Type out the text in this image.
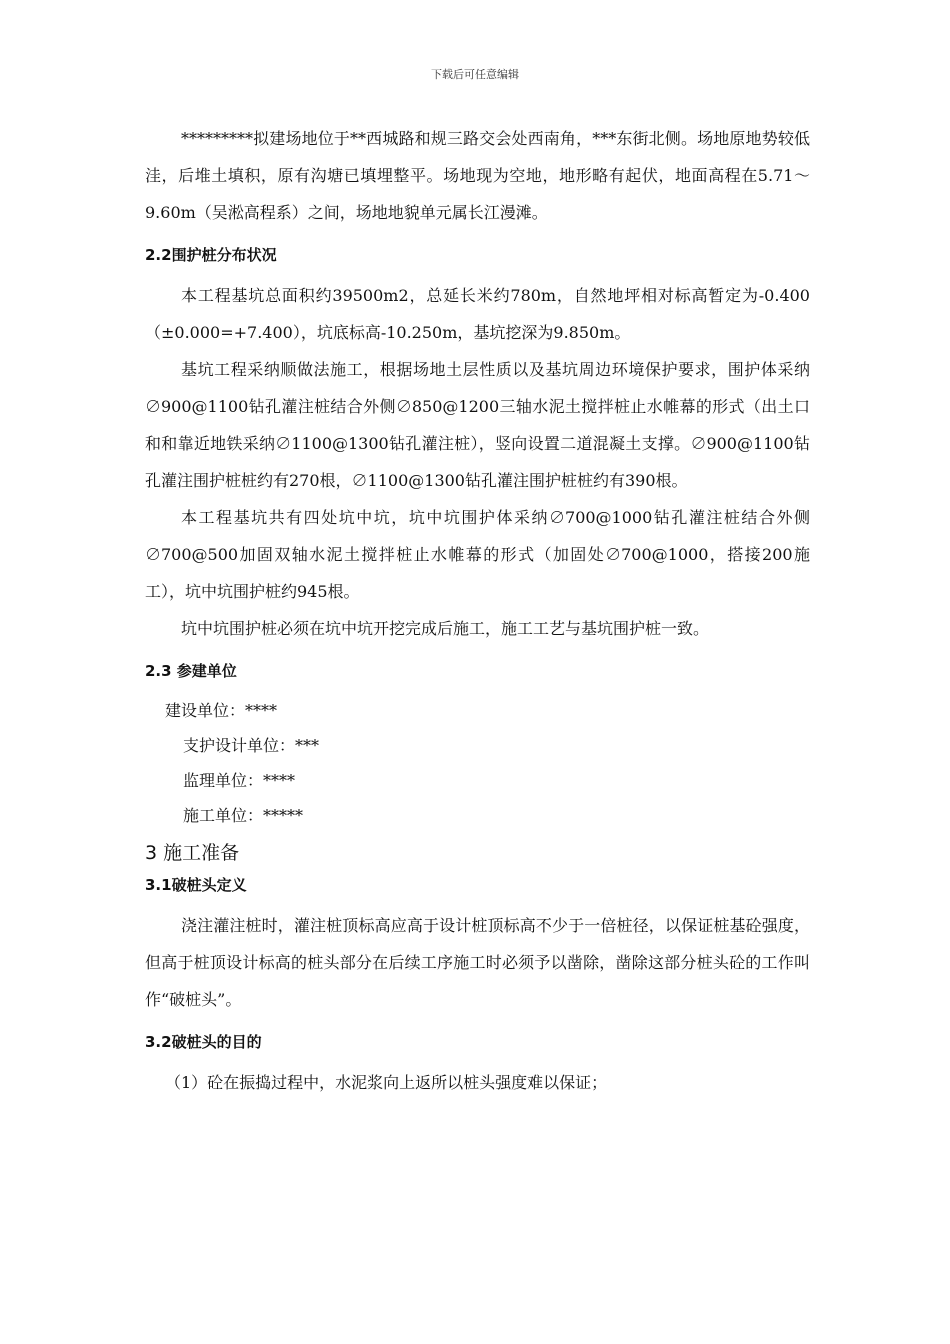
下载后可任意编辑

*********拟建场地位于**西城路和规三路交会处西南角，***东街北侧。场地原地势较低洼，后堆土填积，原有沟塘已填埋整平。场地现为空地，地形略有起伏，地面高程在5.71～9.60m（吴淞高程系）之间，场地地貌单元属长江漫滩。

2.2围护桩分布状况

本工程基坑总面积约39500m2，总延长米约780m，自然地坪相对标高暂定为-0.400（±0.000=+7.400），坑底标高-10.250m，基坑挖深为9.850m。

基坑工程采纳顺做法施工，根据场地土层性质以及基坑周边环境保护要求，围护体采纳∅900@1100钻孔灌注桩结合外侧∅850@1200三轴水泥土搅拌桩止水帷幕的形式（出土口和和靠近地铁采纳∅1100@1300钻孔灌注桩），竖向设置二道混凝土支撑。∅900@1100钻孔灌注围护桩桩约有270根，∅1100@1300钻孔灌注围护桩桩约有390根。

本工程基坑共有四处坑中坑，坑中坑围护体采纳∅700@1000钻孔灌注桩结合外侧∅700@500加固双轴水泥土搅拌桩止水帷幕的形式（加固处∅700@1000，搭接200施工），坑中坑围护桩约945根。

坑中坑围护桩必须在坑中坑开挖完成后施工，施工工艺与基坑围护桩一致。

2.3 参建单位

建设单位：****

支护设计单位：***

监理单位：****

施工单位：*****

3 施工准备
3.1破桩头定义

浇注灌注桩时，灌注桩顶标高应高于设计桩顶标高不少于一倍桩径，以保证桩基砼强度，但高于桩顶设计标高的桩头部分在后续工序施工时必须予以凿除，凿除这部分桩头砼的工作叫作“破桩头”。

3.2破桩头的目的

（1）砼在振捣过程中，水泥浆向上返所以桩头强度难以保证；
